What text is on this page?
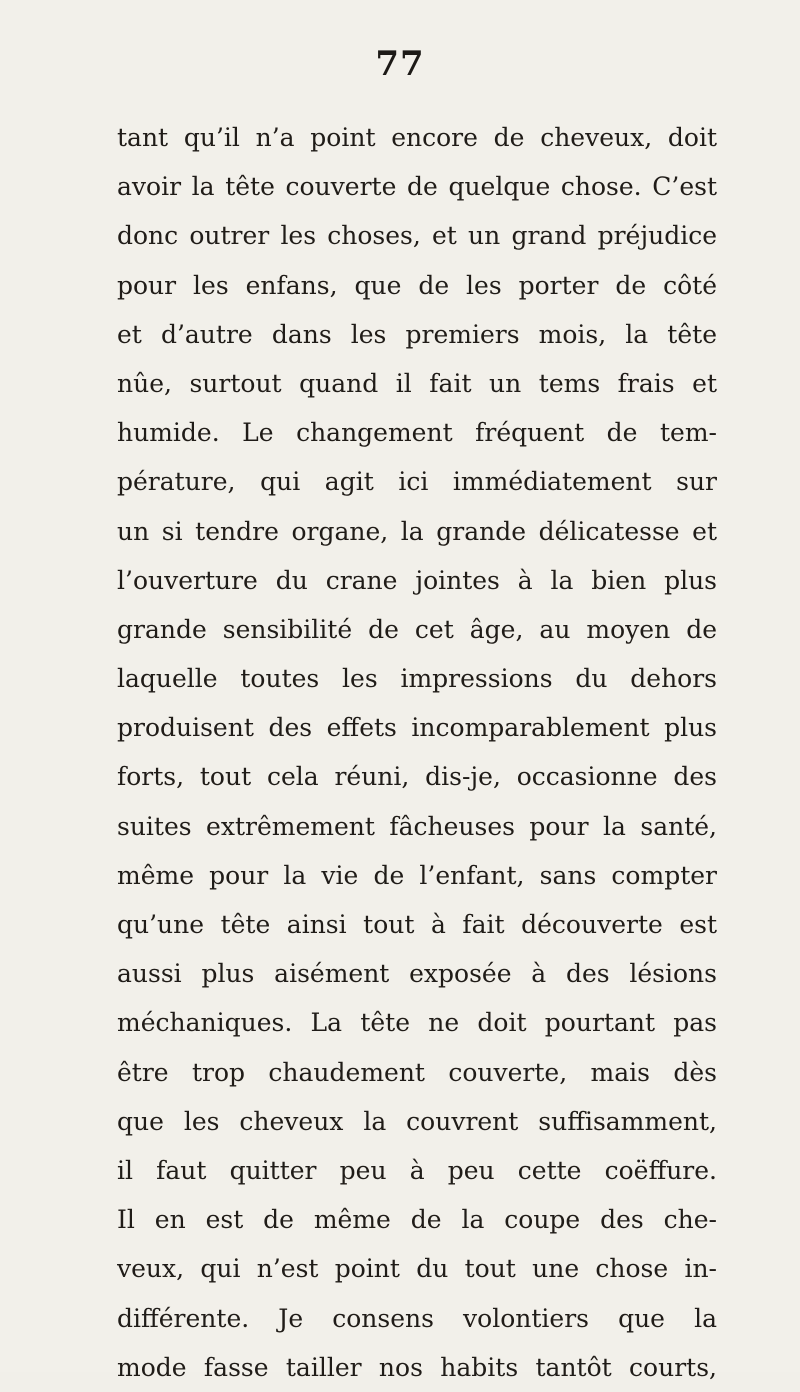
77
tant qu’il n’a point encore de cheveux, doit
avoir la tête couverte de quelque chose. C’est
donc outrer les choses, et un grand préjudice
pour les enfans, que de les porter de côté
et d’autre dans les premiers mois, la tête
nûe, surtout quand il fait un tems frais et
humide. Le changement fréquent de tem-
pérature, qui agit ici immédiatement sur
un si tendre organe, la grande délicatesse et
l’ouverture du crane jointes à la bien plus
grande sensibilité de cet âge, au moyen de
laquelle toutes les impressions du dehors
produisent des effets incomparablement plus
forts, tout cela réuni, dis-je, occasionne des
suites extrêmement fâcheuses pour la santé,
même pour la vie de l’enfant, sans compter
qu’une tête ainsi tout à fait découverte est
aussi plus aisément exposée à des lésions
méchaniques. La tête ne doit pourtant pas
être trop chaudement couverte, mais dès
que les cheveux la couvrent suffisamment,
il faut quitter peu à peu cette coëffure.
Il en est de même de la coupe des che-
veux, qui n’est point du tout une chose in-
différente. Je consens volontiers que la
mode fasse tailler nos habits tantôt courts,
